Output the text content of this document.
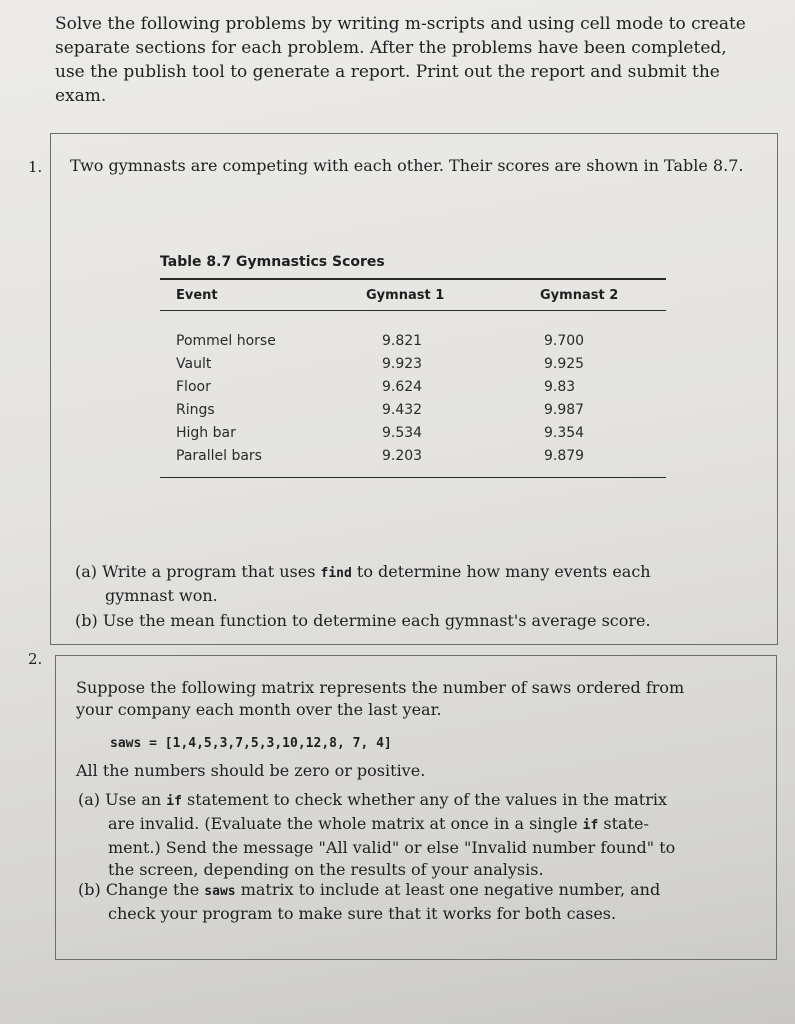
Solve the following problems by writing m-scripts and using cell mode to create separate sections for each problem. After the problems have been completed, use the publish tool to generate a report. Print out the report and submit the exam.
1. Two gymnasts are competing with each other. Their scores are shown in Table 8.7.
Table 8.7 Gymnastics Scores
Event	Gymnast 1	Gymnast 2
Pommel horse	9.821	9.700
Vault	9.923	9.925
Floor	9.624	9.83
Rings	9.432	9.987
High bar	9.534	9.354
Parallel bars	9.203	9.879
(a) Write a program that uses find to determine how many events each
gymnast won.
(b) Use the mean function to determine each gymnast's average score.
2.
Suppose the following matrix represents the number of saws ordered from
your company each month over the last year.
saws = [1,4,5,3,7,5,3,10,12,8, 7, 4]
All the numbers should be zero or positive.
(a) Use an if statement to check whether any of the values in the matrix
are invalid. (Evaluate the whole matrix at once in a single if state-
ment.) Send the message "All valid" or else "Invalid number found" to
the screen, depending on the results of your analysis.
(b) Change the saws matrix to include at least one negative number, and
check your program to make sure that it works for both cases.
